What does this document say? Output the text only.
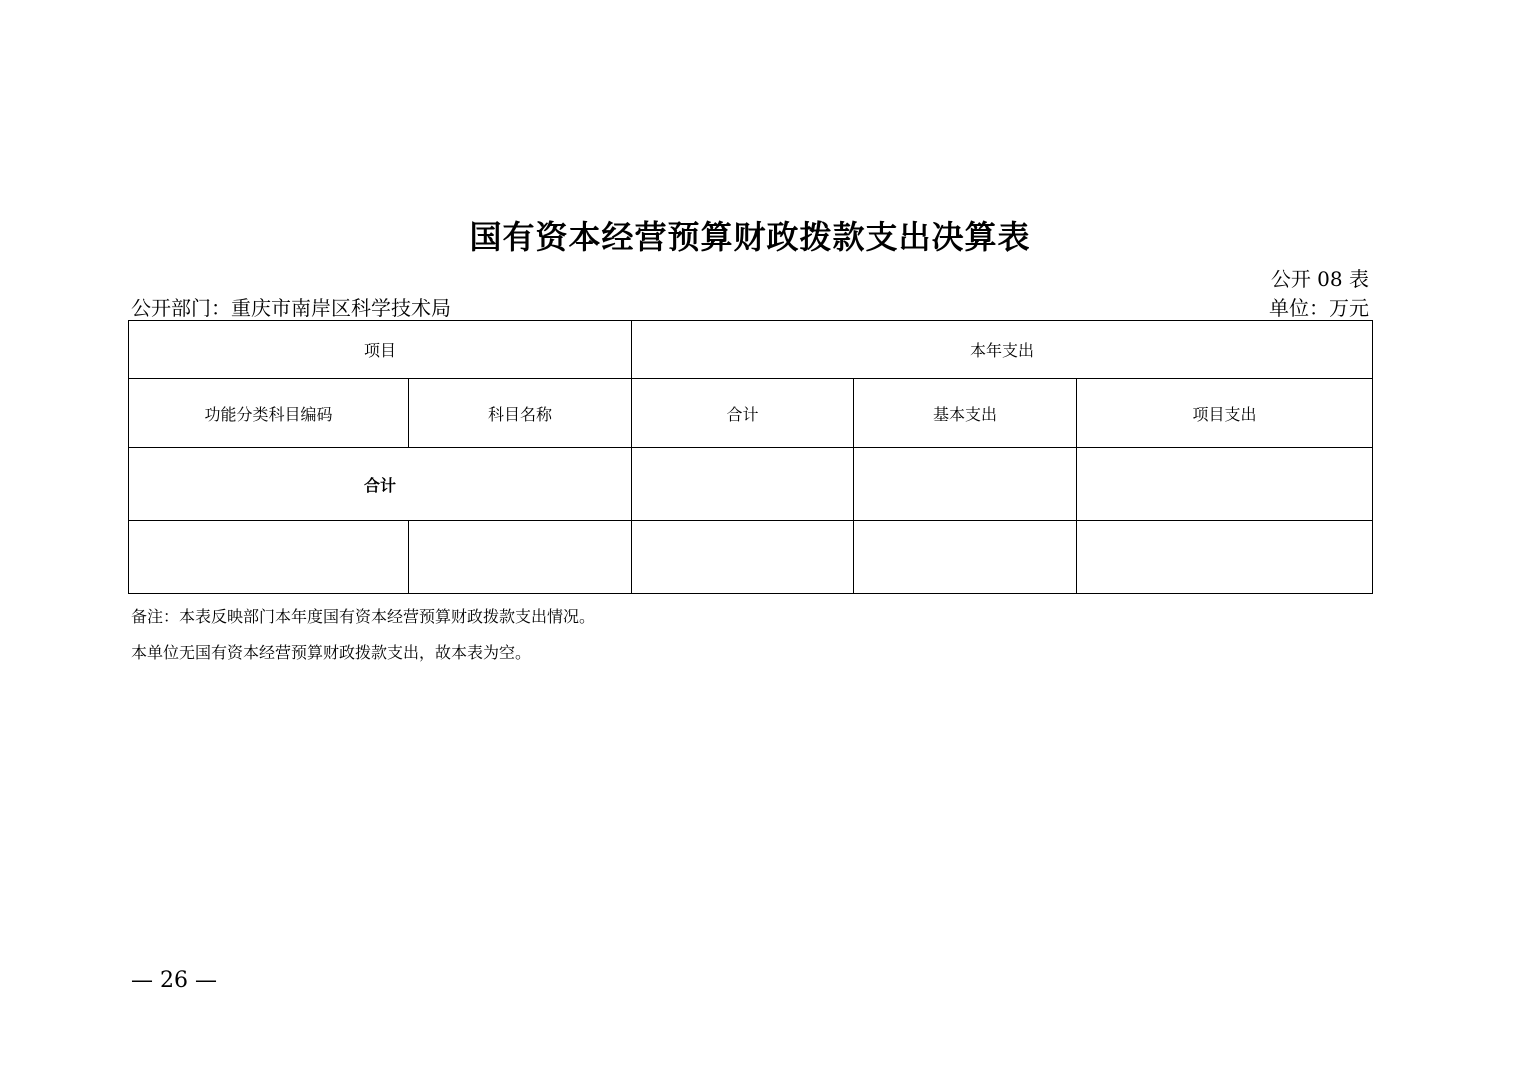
国有资本经营预算财政拨款支出决算表
公开 08 表
公开部门：重庆市南岸区科学技术局	单位：万元
项目		本年支出		
功能分类科目编码	科目名称	合计	基本支出	项目支出
合计				

备注：本表反映部门本年度国有资本经营预算财政拨款支出情况。
本单位无国有资本经营预算财政拨款支出，故本表为空。
— 26 —
